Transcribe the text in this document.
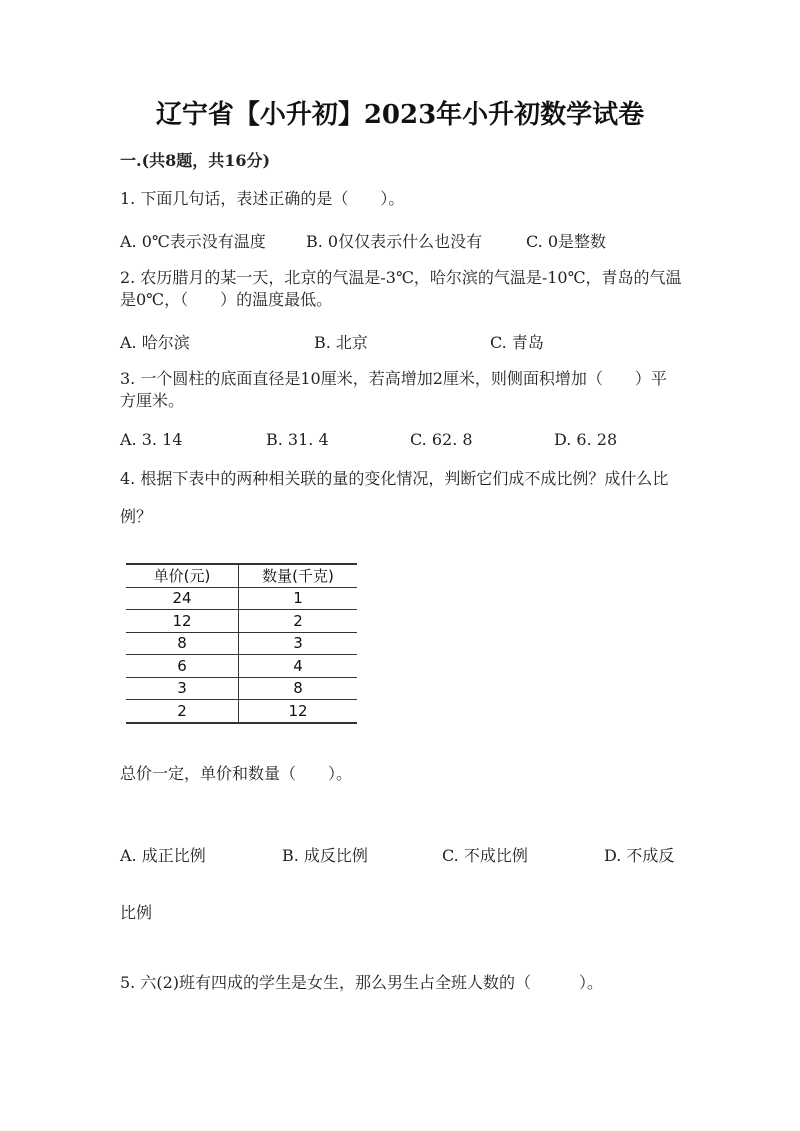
辽宁省【小升初】2023年小升初数学试卷
一.(共8题，共16分)
1. 下面几句话，表述正确的是（　　）。
A. 0℃表示没有温度	B. 0仅仅表示什么也没有	C. 0是整数
2. 农历腊月的某一天，北京的气温是-3℃，哈尔滨的气温是-10℃，青岛的气温
是0℃，（　　）的温度最低。
A. 哈尔滨	B. 北京	C. 青岛
3. 一个圆柱的底面直径是10厘米，若高增加2厘米，则侧面积增加（　　）平
方厘米。
A. 3. 14	B. 31. 4	C. 62. 8	D. 6. 28
4. 根据下表中的两种相关联的量的变化情况，判断它们成不成比例？成什么比
例？
单价(元)	数量(千克)
24	1
12	2
8	3
6	4
3	8
2	12
总价一定，单价和数量（　　）。
A. 成正比例	B. 成反比例	C. 不成比例	D. 不成反
比例
5. 六(2)班有四成的学生是女生，那么男生占全班人数的（　　　）。
